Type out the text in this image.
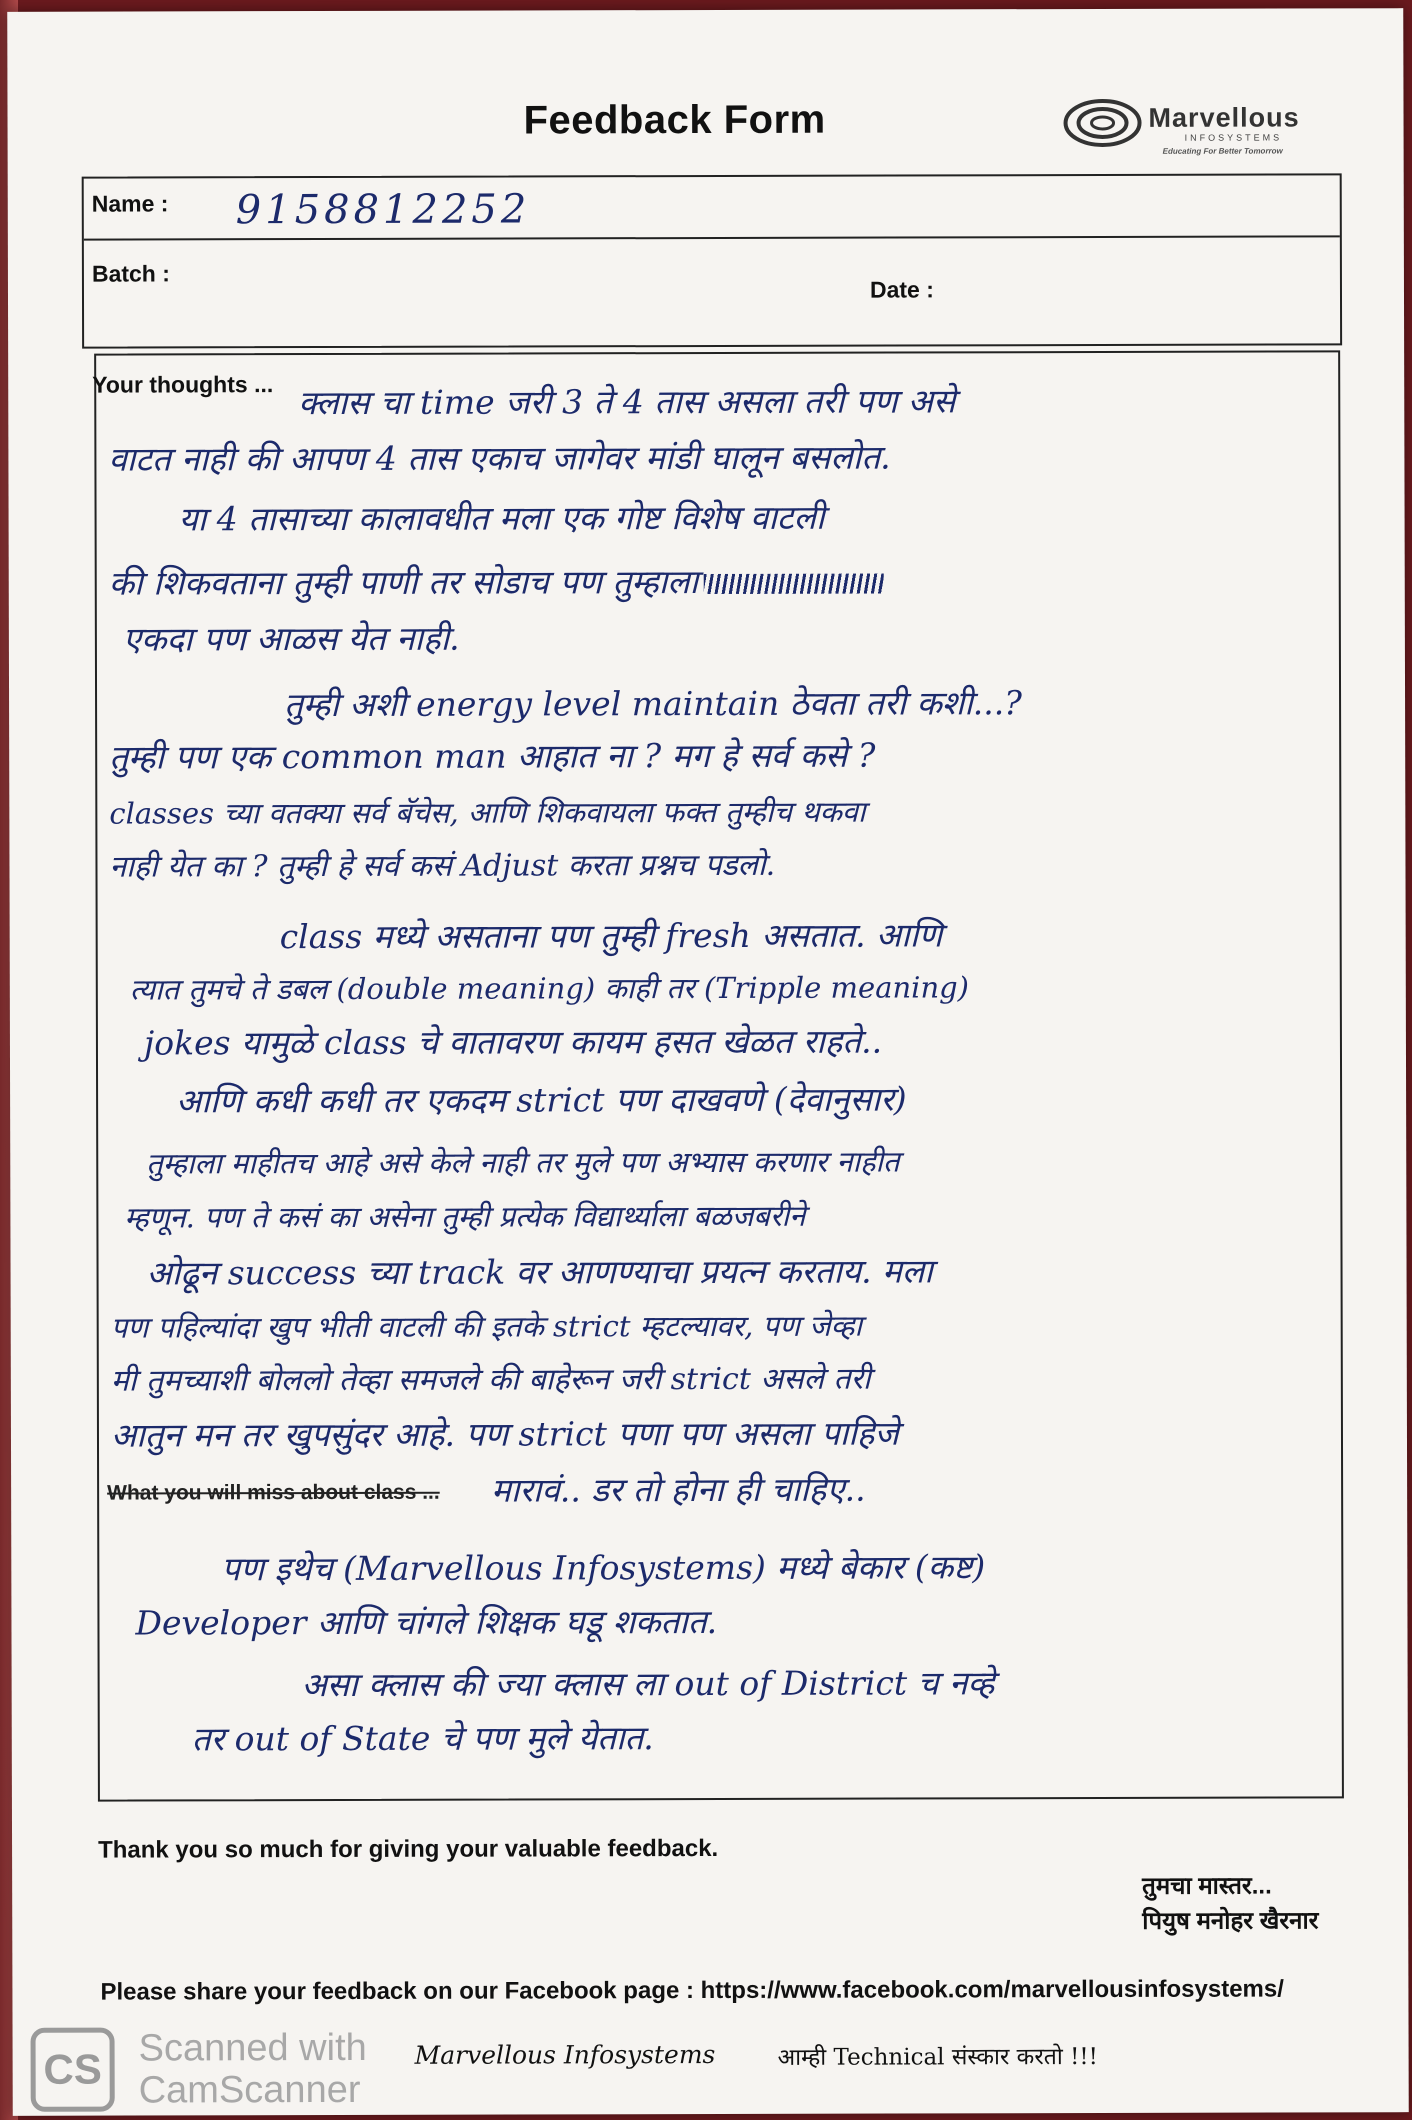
Feedback Form	Marvellous
INFOSYSTEMS
Educating For Better Tomorrow
Name :
Batch :
Date :
9158812252
Your thoughts ... क्लास चा time जरी 3 ते 4 तास असला तरी पण असे
वाटत नाही की आपण 4 तास एकाच जागेवर मांडी घालून बसलोत.
या 4 तासाच्या कालावधीत मला एक गोष्ट विशेष वाटली
की शिकवताना तुम्ही पाणी तर सोडाच पण तुम्हाला
एकदा पण आळस येत नाही.
तुम्ही अशी energy level maintain ठेवता तरी कशी...?
तुम्ही पण एक common man आहात ना ? मग हे सर्व कसे ?
classes च्या वतक्या सर्व बॅचेस, आणि शिकवायला फक्त तुम्हीच थकवा
नाही येत का ? तुम्ही हे सर्व कसं Adjust करता प्रश्नच पडलो.
class मध्ये असताना पण तुम्ही fresh असतात. आणि
त्यात तुमचे ते डबल (double meaning) काही तर (Tripple meaning)
jokes यामुळे class चे वातावरण कायम हसत खेळत राहते..
आणि कधी कधी तर एकदम strict पण दाखवणे (देवानुसार)
तुम्हाला माहीतच आहे असे केले नाही तर मुले पण अभ्यास करणार नाहीत
म्हणून. पण ते कसं का असेना तुम्ही प्रत्येक विद्यार्थ्याला बळजबरीने
ओढून success च्या track वर आणण्याचा प्रयत्न करताय. मला
पण पहिल्यांदा खुप भीती वाटली की इतके strict म्हटल्यावर, पण जेव्हा
मी तुमच्याशी बोललो तेव्हा समजले की बाहेरून जरी strict असले तरी
आतुन मन तर खुपसुंदर आहे. पण strict पणा पण असला पाहिजे
मारावं.. डर तो होना ही चाहिए..
पण इथेच (Marvellous Infosystems) मध्ये बेकार (कष्ट)
Developer आणि चांगले शिक्षक घडू शकतात.
असा क्लास की ज्या क्लास ला out of District च नव्हे
तर out of State चे पण मुले येतात.
What you will miss about class ...
Thank you so much for giving your valuable feedback.
तुमचा मास्तर...
पियुष मनोहर खैरनार
Please share your feedback on our Facebook page : https://www.facebook.com/marvellousinfosystems/
Marvellous Infosystems	आम्ही Technical संस्कार करतो !!!
CS Scanned with
CamScanner
